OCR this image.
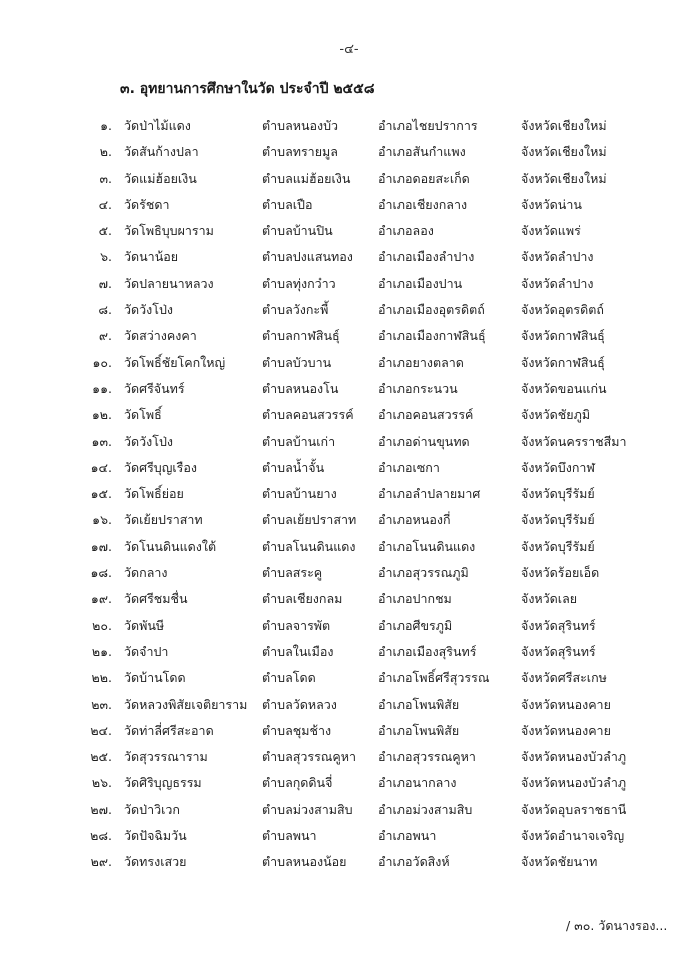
-๔-
๓. อุทยานการศึกษาในวัด ประจำปี ๒๕๕๘
๑. วัดป่าไม้แดง	ตำบลหนองบัว	อำเภอไชยปราการ	จังหวัดเชียงใหม่
๒. วัดสันก้างปลา	ตำบลทรายมูล	อำเภอสันกำแพง	จังหวัดเชียงใหม่
๓. วัดแม่ฮ้อยเงิน	ตำบลแม่ฮ้อยเงิน อำเภอดอยสะเก็ด	จังหวัดเชียงใหม่
๔. วัดรัชดา	ตำบลเปือ	อำเภอเชียงกลาง	จังหวัดน่าน
๕. วัดโพธิบุบผาราม	ตำบลบ้านปิน	อำเภอลอง	จังหวัดแพร่
๖. วัดนาน้อย	ตำบลปงแสนทอง อำเภอเมืองลำปาง	จังหวัดลำปาง
๗. วัดปลายนาหลวง	ตำบลทุ่งกว๋าว	อำเภอเมืองปาน	จังหวัดลำปาง
๘. วัดวังโป่ง	ตำบลวังกะพี้	อำเภอเมืองอุตรดิตถ์	จังหวัดอุตรดิตถ์
๙. วัดสว่างคงคา	ตำบลกาฬสินธุ์	อำเภอเมืองกาฬสินธุ์	จังหวัดกาฬสินธุ์
๑๐. วัดโพธิ์ชัยโคกใหญ่	ตำบลบัวบาน	อำเภอยางตลาด	จังหวัดกาฬสินธุ์
๑๑. วัดศรีจันทร์	ตำบลหนองโน	อำเภอกระนวน	จังหวัดขอนแก่น
๑๒. วัดโพธิ์	ตำบลคอนสวรรค์ อำเภอคอนสวรรค์	จังหวัดชัยภูมิ
๑๓. วัดวังโป่ง	ตำบลบ้านเก่า	อำเภอด่านขุนทด	จังหวัดนครราชสีมา
๑๔. วัดศรีบุญเรือง	ตำบลน้ำจั้น	อำเภอเซกา	จังหวัดบึงกาฬ
๑๕. วัดโพธิ์ย่อย	ตำบลบ้านยาง	อำเภอลำปลายมาศ	จังหวัดบุรีรัมย์
๑๖. วัดเย้ยปราสาท	ตำบลเย้ยปราสาท อำเภอหนองกี่	จังหวัดบุรีรัมย์
๑๗. วัดโนนดินแดงใต้	ตำบลโนนดินแดง อำเภอโนนดินแดง	จังหวัดบุรีรัมย์
๑๘. วัดกลาง	ตำบลสระคู	อำเภอสุวรรณภูมิ	จังหวัดร้อยเอ็ด
๑๙. วัดศรีชมชื่น	ตำบลเชียงกลม	อำเภอปากชม	จังหวัดเลย
๒๐. วัดพันษี	ตำบลจารพัต	อำเภอศีขรภูมิ	จังหวัดสุรินทร์
๒๑. วัดจำปา	ตำบลในเมือง	อำเภอเมืองสุรินทร์	จังหวัดสุรินทร์
๒๒. วัดบ้านโดด	ตำบลโดด	อำเภอโพธิ์ศรีสุวรรณ	จังหวัดศรีสะเกษ
๒๓. วัดหลวงพิสัยเจติยาราม ตำบลวัดหลวง	อำเภอโพนพิสัย	จังหวัดหนองคาย
๒๔. วัดท่าลี่ศรีสะอาด	ตำบลชุมช้าง	อำเภอโพนพิสัย	จังหวัดหนองคาย
๒๕. วัดสุวรรณาราม	ตำบลสุวรรณคูหา อำเภอสุวรรณคูหา	จังหวัดหนองบัวลำภู
๒๖. วัดศิริบุญธรรม	ตำบลกุดดินจี่	อำเภอนากลาง	จังหวัดหนองบัวลำภู
๒๗. วัดป่าวิเวก	ตำบลม่วงสามสิบ อำเภอม่วงสามสิบ	จังหวัดอุบลราชธานี
๒๘. วัดปัจฉิมวัน	ตำบลพนา	อำเภอพนา	จังหวัดอำนาจเจริญ
๒๙. วัดทรงเสวย	ตำบลหนองน้อย	อำเภอวัดสิงห์	จังหวัดชัยนาท
/ ๓๐. วัดนางรอง...
